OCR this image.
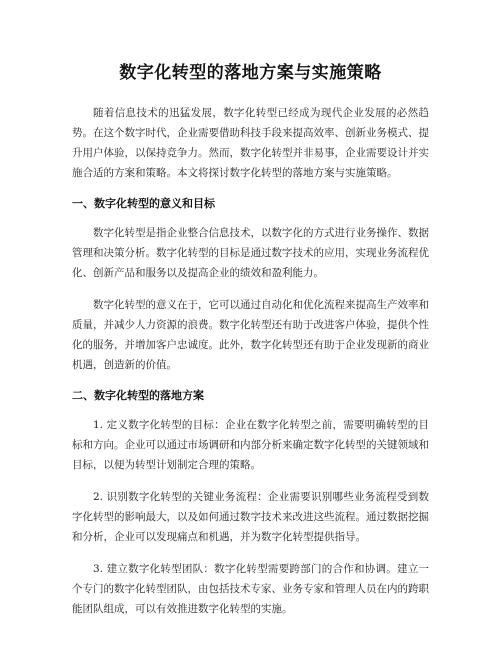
数字化转型的落地方案与实施策略

随着信息技术的迅猛发展，数字化转型已经成为现代企业发展的必然趋势。在这个数字时代，企业需要借助科技手段来提高效率、创新业务模式、提升用户体验，以保持竞争力。然而，数字化转型并非易事，企业需要设计并实施合适的方案和策略。本文将探讨数字化转型的落地方案与实施策略。

一、数字化转型的意义和目标

数字化转型是指企业整合信息技术，以数字化的方式进行业务操作、数据管理和决策分析。数字化转型的目标是通过数字技术的应用，实现业务流程优化、创新产品和服务以及提高企业的绩效和盈利能力。

数字化转型的意义在于，它可以通过自动化和优化流程来提高生产效率和质量，并减少人力资源的浪费。数字化转型还有助于改进客户体验，提供个性化的服务，并增加客户忠诚度。此外，数字化转型还有助于企业发现新的商业机遇，创造新的价值。

二、数字化转型的落地方案

1. 定义数字化转型的目标：企业在数字化转型之前，需要明确转型的目标和方向。企业可以通过市场调研和内部分析来确定数字化转型的关键领域和目标，以便为转型计划制定合理的策略。

2. 识别数字化转型的关键业务流程：企业需要识别哪些业务流程受到数字化转型的影响最大，以及如何通过数字技术来改进这些流程。通过数据挖掘和分析，企业可以发现痛点和机遇，并为数字化转型提供指导。

3. 建立数字化转型团队：数字化转型需要跨部门的合作和协调。建立一个专门的数字化转型团队，由包括技术专家、业务专家和管理人员在内的跨职能团队组成，可以有效推进数字化转型的实施。
